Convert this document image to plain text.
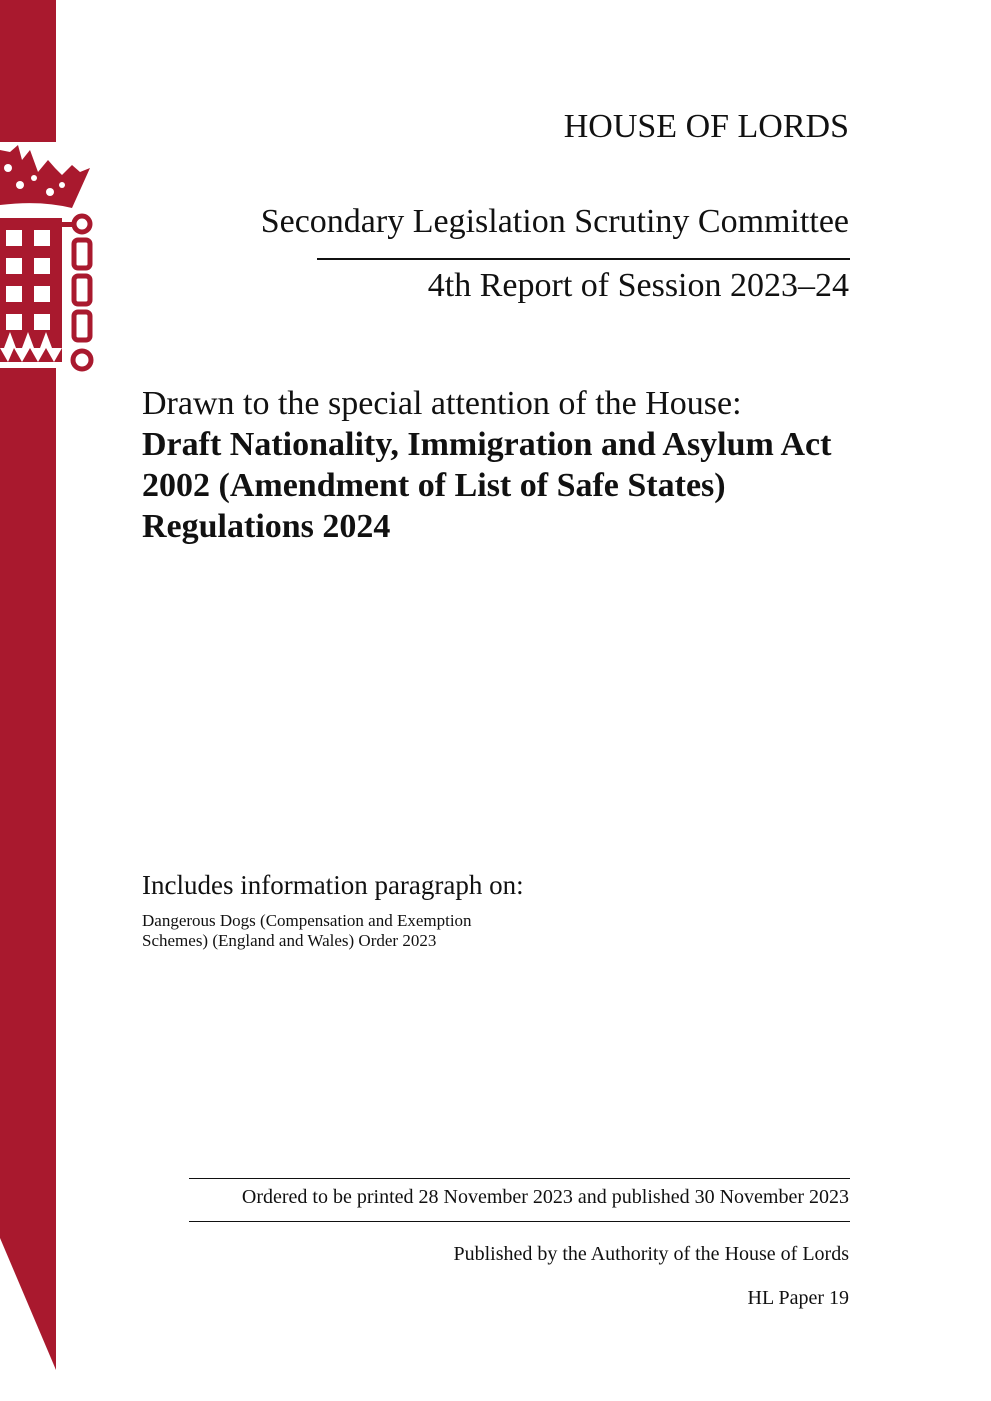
HOUSE OF LORDS
Secondary Legislation Scrutiny Committee
4th Report of Session 2023–24
Drawn to the special attention of the House:
Draft Nationality, Immigration and Asylum Act 2002 (Amendment of List of Safe States) Regulations 2024
Includes information paragraph on:
Dangerous Dogs (Compensation and Exemption Schemes) (England and Wales) Order 2023
Ordered to be printed 28 November 2023 and published 30 November 2023
Published by the Authority of the House of Lords
HL Paper 19
